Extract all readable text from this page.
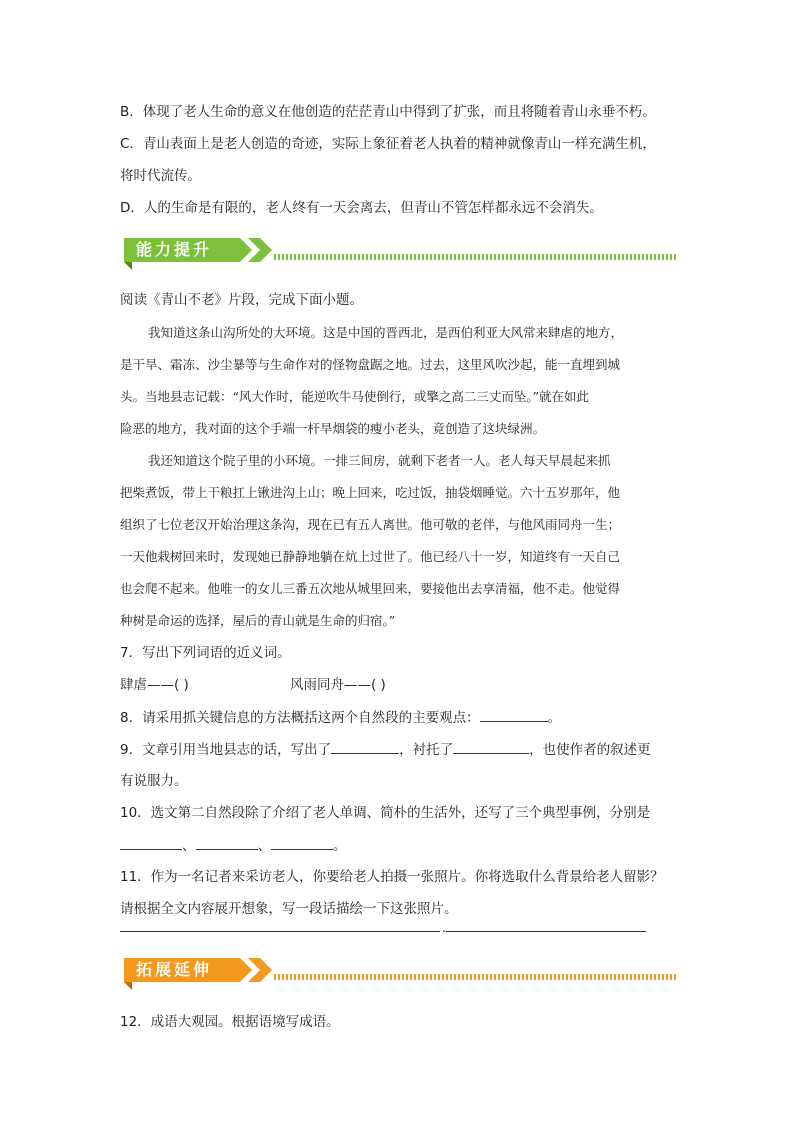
B．体现了老人生命的意义在他创造的茫茫青山中得到了扩张，而且将随着青山永垂不朽。
C．青山表面上是老人创造的奇迹，实际上象征着老人执着的精神就像青山一样充满生机，
将时代流传。
D．人的生命是有限的，老人终有一天会离去，但青山不管怎样都永远不会消失。
能力提升
阅读《青山不老》片段，完成下面小题。
我知道这条山沟所处的大环境。这是中国的晋西北，是西伯利亚大风常来肆虐的地方，
是干旱、霜冻、沙尘暴等与生命作对的怪物盘踞之地。过去，这里风吹沙起，能一直埋到城
头。当地县志记载：“风大作时，能逆吹牛马使倒行，或擎之高二三丈而坠。”就在如此
险恶的地方，我对面的这个手端一杆旱烟袋的瘦小老头，竟创造了这块绿洲。
我还知道这个院子里的小环境。一排三间房，就剩下老者一人。老人每天早晨起来抓
把柴煮饭，带上干粮扛上锹进沟上山；晚上回来，吃过饭，抽袋烟睡觉。六十五岁那年，他
组织了七位老汉开始治理这条沟，现在已有五人离世。他可敬的老伴，与他风雨同舟一生；
一天他栽树回来时，发现她已静静地躺在炕上过世了。他已经八十一岁，知道终有一天自己
也会爬不起来。他唯一的女儿三番五次地从城里回来，要接他出去享清福，他不走。他觉得
种树是命运的选择，屋后的青山就是生命的归宿。”
7．写出下列词语的近义词。
肆虐——( )	风雨同舟——( )
8．请采用抓关键信息的方法概括这两个自然段的主要观点：	。
9．文章引用当地县志的话，写出了	，衬托了	，也使作者的叙述更
有说服力。
10．选文第二自然段除了介绍了老人单调、简朴的生活外，还写了三个典型事例，分别是
、	、	。
11．作为一名记者来采访老人，你要给老人拍摄一张照片。你将选取什么背景给老人留影？
请根据全文内容展开想象，写一段话描绘一下这张照片。
.
拓展延伸
12．成语大观园。根据语境写成语。
